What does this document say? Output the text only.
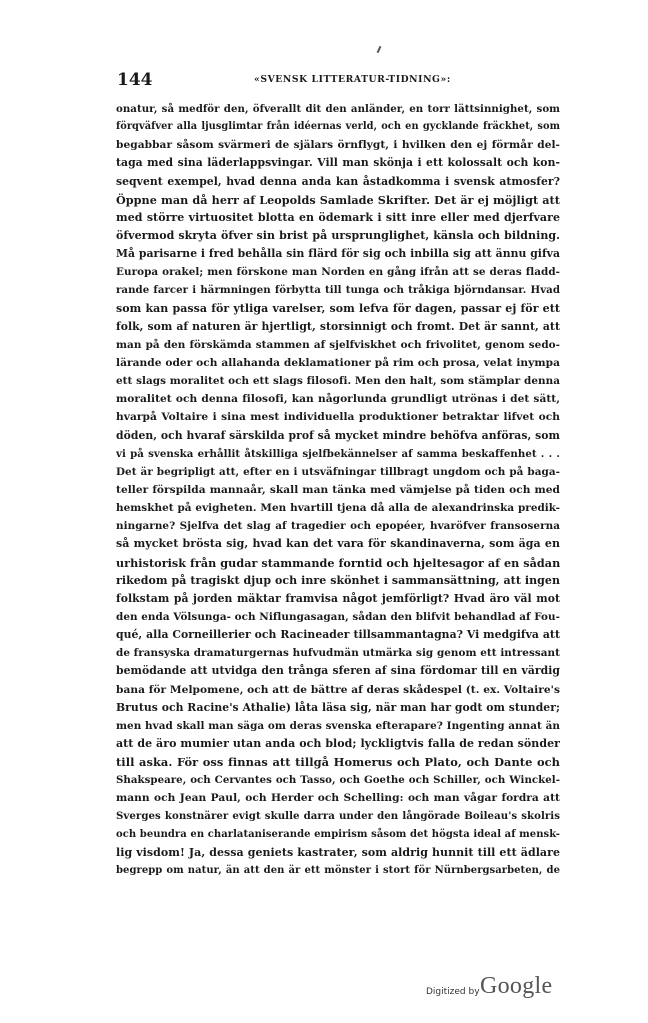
144	«SVENSK LITTERATUR-TIDNING»:
onatur, så medför den, öfverallt dit den anländer, en torr lättsinnighet, som
förqväfver alla ljusglimtar från idéernas verld, och en gycklande fräckhet, som
begabbar såsom svärmeri de själars örnflygt, i hvilken den ej förmår del-
taga med sina läderlappsvingar. Vill man skönja i ett kolossalt och kon-
seqvent exempel, hvad denna anda kan åstadkomma i svensk atmosfer?
Öppne man då herr af Leopolds Samlade Skrifter. Det är ej möjligt att
med större virtuositet blotta en ödemark i sitt inre eller med djerfvare
öfvermod skryta öfver sin brist på ursprunglighet, känsla och bildning.
Må parisarne i fred behålla sin flärd för sig och inbilla sig att ännu gifva
Europa orakel; men förskone man Norden en gång ifrån att se deras fladd-
rande farcer i härmningen förbytta till tunga och tråkiga björndansar. Hvad
som kan passa för ytliga varelser, som lefva för dagen, passar ej för ett
folk, som af naturen är hjertligt, storsinnigt och fromt. Det är sannt, att
man på den förskämda stammen af sjelfviskhet och frivolitet, genom sedo-
lärande oder och allahanda deklamationer på rim och prosa, velat inympa
ett slags moralitet och ett slags filosofi. Men den halt, som stämplar denna
moralitet och denna filosofi, kan någorlunda grundligt utrönas i det sätt,
hvarpå Voltaire i sina mest individuella produktioner betraktar lifvet och
döden, och hvaraf särskilda prof så mycket mindre behöfva anföras, som
vi på svenska erhållit åtskilliga sjelfbekännelser af samma beskaffenhet . . .
Det är begripligt att, efter en i utsväfningar tillbragt ungdom och på baga-
teller förspilda mannaår, skall man tänka med vämjelse på tiden och med
hemskhet på evigheten. Men hvartill tjena då alla de alexandrinska predik-
ningarne? Sjelfva det slag af tragedier och epopéer, hvaröfver fransoserna
så mycket brösta sig, hvad kan det vara för skandinaverna, som äga en
urhistorisk från gudar stammande forntid och hjeltesagor af en sådan
rikedom på tragiskt djup och inre skönhet i sammansättning, att ingen
folkstam på jorden mäktar framvisa något jemförligt? Hvad äro väl mot
den enda Völsunga- och Niflungasagan, sådan den blifvit behandlad af Fou-
qué, alla Corneillerier och Racineader tillsammantagna? Vi medgifva att
de fransyska dramaturgernas hufvudmän utmärka sig genom ett intressant
bemödande att utvidga den trånga sferen af sina fördomar till en värdig
bana för Melpomene, och att de bättre af deras skådespel (t. ex. Voltaire's
Brutus och Racine's Athalie) låta läsa sig, när man har godt om stunder;
men hvad skall man säga om deras svenska efterapare? Ingenting annat än
att de äro mumier utan anda och blod; lyckligtvis falla de redan sönder
till aska. För oss finnas att tillgå Homerus och Plato, och Dante och
Shakspeare, och Cervantes och Tasso, och Goethe och Schiller, och Winckel-
mann och Jean Paul, och Herder och Schelling: och man vågar fordra att
Sverges konstnärer evigt skulle darra under den långörade Boileau's skolris
och beundra en charlataniserande empirism såsom det högsta ideal af mensk-
lig visdom! Ja, dessa geniets kastrater, som aldrig hunnit till ett ädlare
begrepp om natur, än att den är ett mönster i stort för Nürnbergsarbeten, de
Digitized by Google
